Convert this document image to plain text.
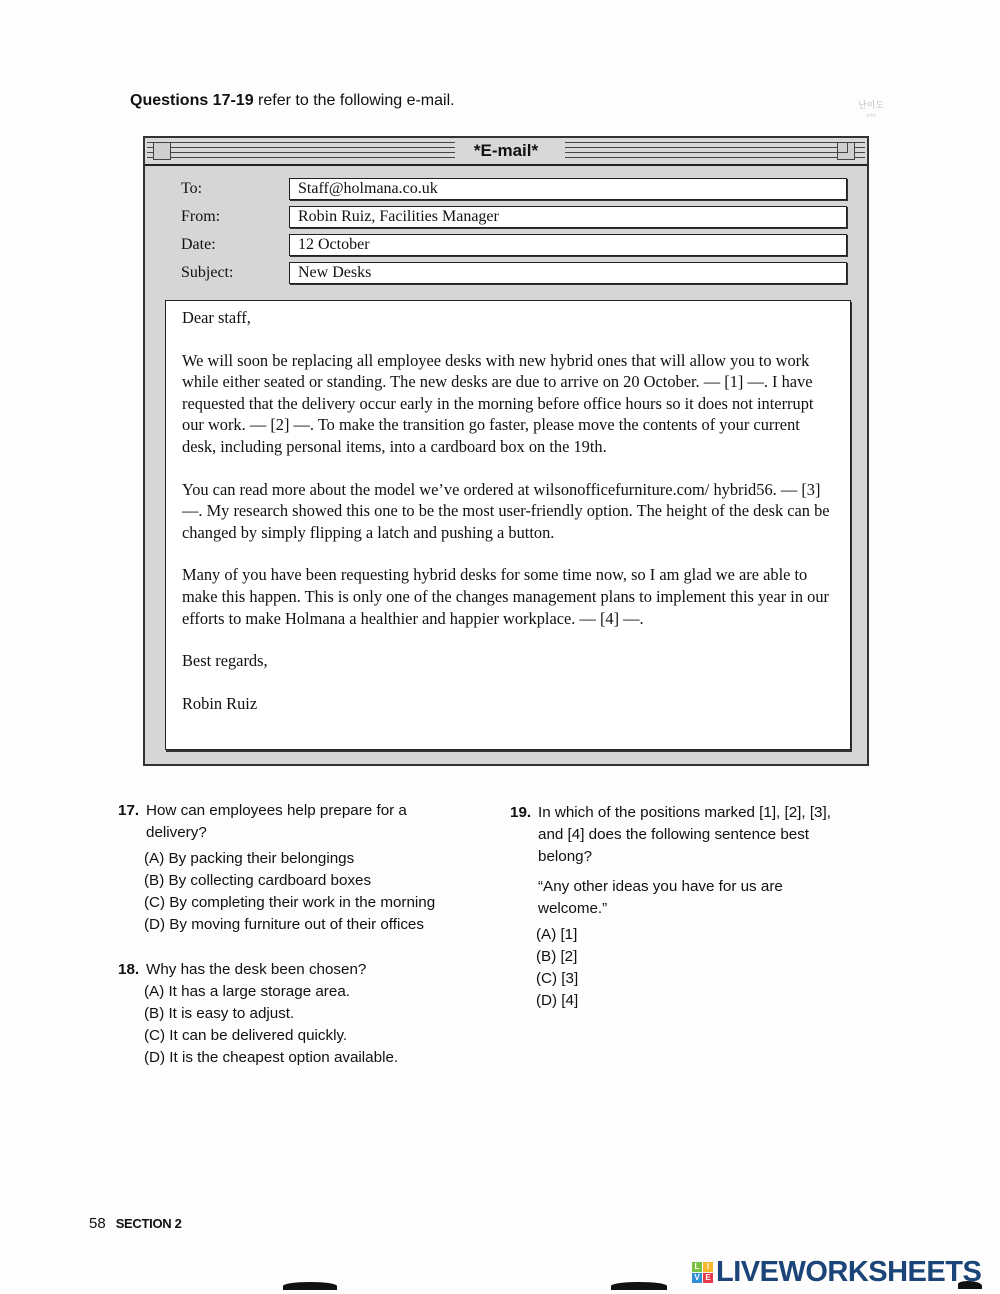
Questions 17-19 refer to the following e-mail.	난이도
◦◦◦
*E-mail*
To:	Staff@holmana.co.uk
From:	Robin Ruiz, Facilities Manager
Date:	12 October
Subject:	New Desks

Dear staff,

We will soon be replacing all employee desks with new hybrid ones that will allow you to work while either seated or standing. The new desks are due to arrive on 20 October. — [1] —. I have requested that the delivery occur early in the morning before office hours so it does not interrupt our work. — [2] —. To make the transition go faster, please move the contents of your current desk, including personal items, into a cardboard box on the 19th.

You can read more about the model we’ve ordered at wilsonofficefurniture.com/ hybrid56. — [3] —. My research showed this one to be the most user-friendly option. The height of the desk can be changed by simply flipping a latch and pushing a button.

Many of you have been requesting hybrid desks for some time now, so I am glad we are able to make this happen. This is only one of the changes management plans to implement this year in our efforts to make Holmana a healthier and happier workplace. — [4] —.

Best regards,

Robin Ruiz

17. How can employees help prepare for a delivery?
(A) By packing their belongings
(B) By collecting cardboard boxes
(C) By completing their work in the morning
(D) By moving furniture out of their offices
18. Why has the desk been chosen?
(A) It has a large storage area.
(B) It is easy to adjust.
(C) It can be delivered quickly.
(D) It is the cheapest option available.
19. In which of the positions marked [1], [2], [3], and [4] does the following sentence best belong?
“Any other ideas you have for us are welcome.”
(A) [1]
(B) [2]
(C) [3]
(D) [4]
58 SECTION 2
L I
V E LIVEWORKSHEETS
